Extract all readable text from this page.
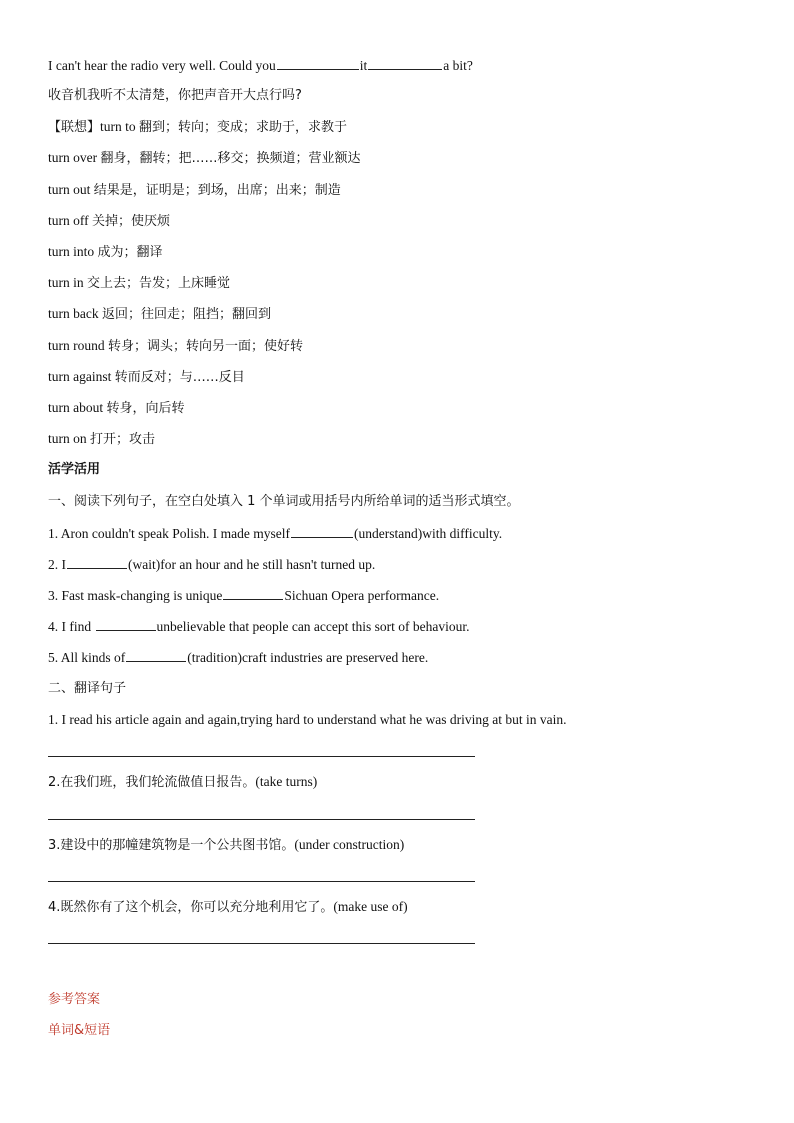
I can't hear the radio very well. Could you	it	a bit?
收音机我听不太清楚，你把声音开大点行吗?
【联想】turn to 翻到；转向；变成；求助于，求教于
turn over 翻身，翻转；把……移交；换频道；营业额达
turn out 结果是，证明是；到场，出席；出来；制造
turn off 关掉；使厌烦
turn into 成为；翻译
turn in 交上去；告发；上床睡觉
turn back 返回；往回走；阻挡；翻回到
turn round 转身；调头；转向另一面；使好转
turn against 转而反对；与……反目
turn about 转身，向后转
turn on 打开；攻击
活学活用
一、阅读下列句子，在空白处填入 1 个单词或用括号内所给单词的适当形式填空。
1. Aron couldn't speak Polish. I made myself	(understand)with difficulty.
2. I	(wait)for an hour and he still hasn't turned up.
3. Fast mask-changing is unique	Sichuan Opera performance.
4. I find	unbelievable that people can accept this sort of behaviour.
5. All kinds of	(tradition)craft industries are preserved here.
二、翻译句子
1. I read his article again and again,trying hard to understand what he was driving at but in vain.
2.在我们班，我们轮流做值日报告。(take turns)
3.建设中的那幢建筑物是一个公共图书馆。(under construction)
4.既然你有了这个机会，你可以充分地利用它了。(make use of)
参考答案
单词&短语
